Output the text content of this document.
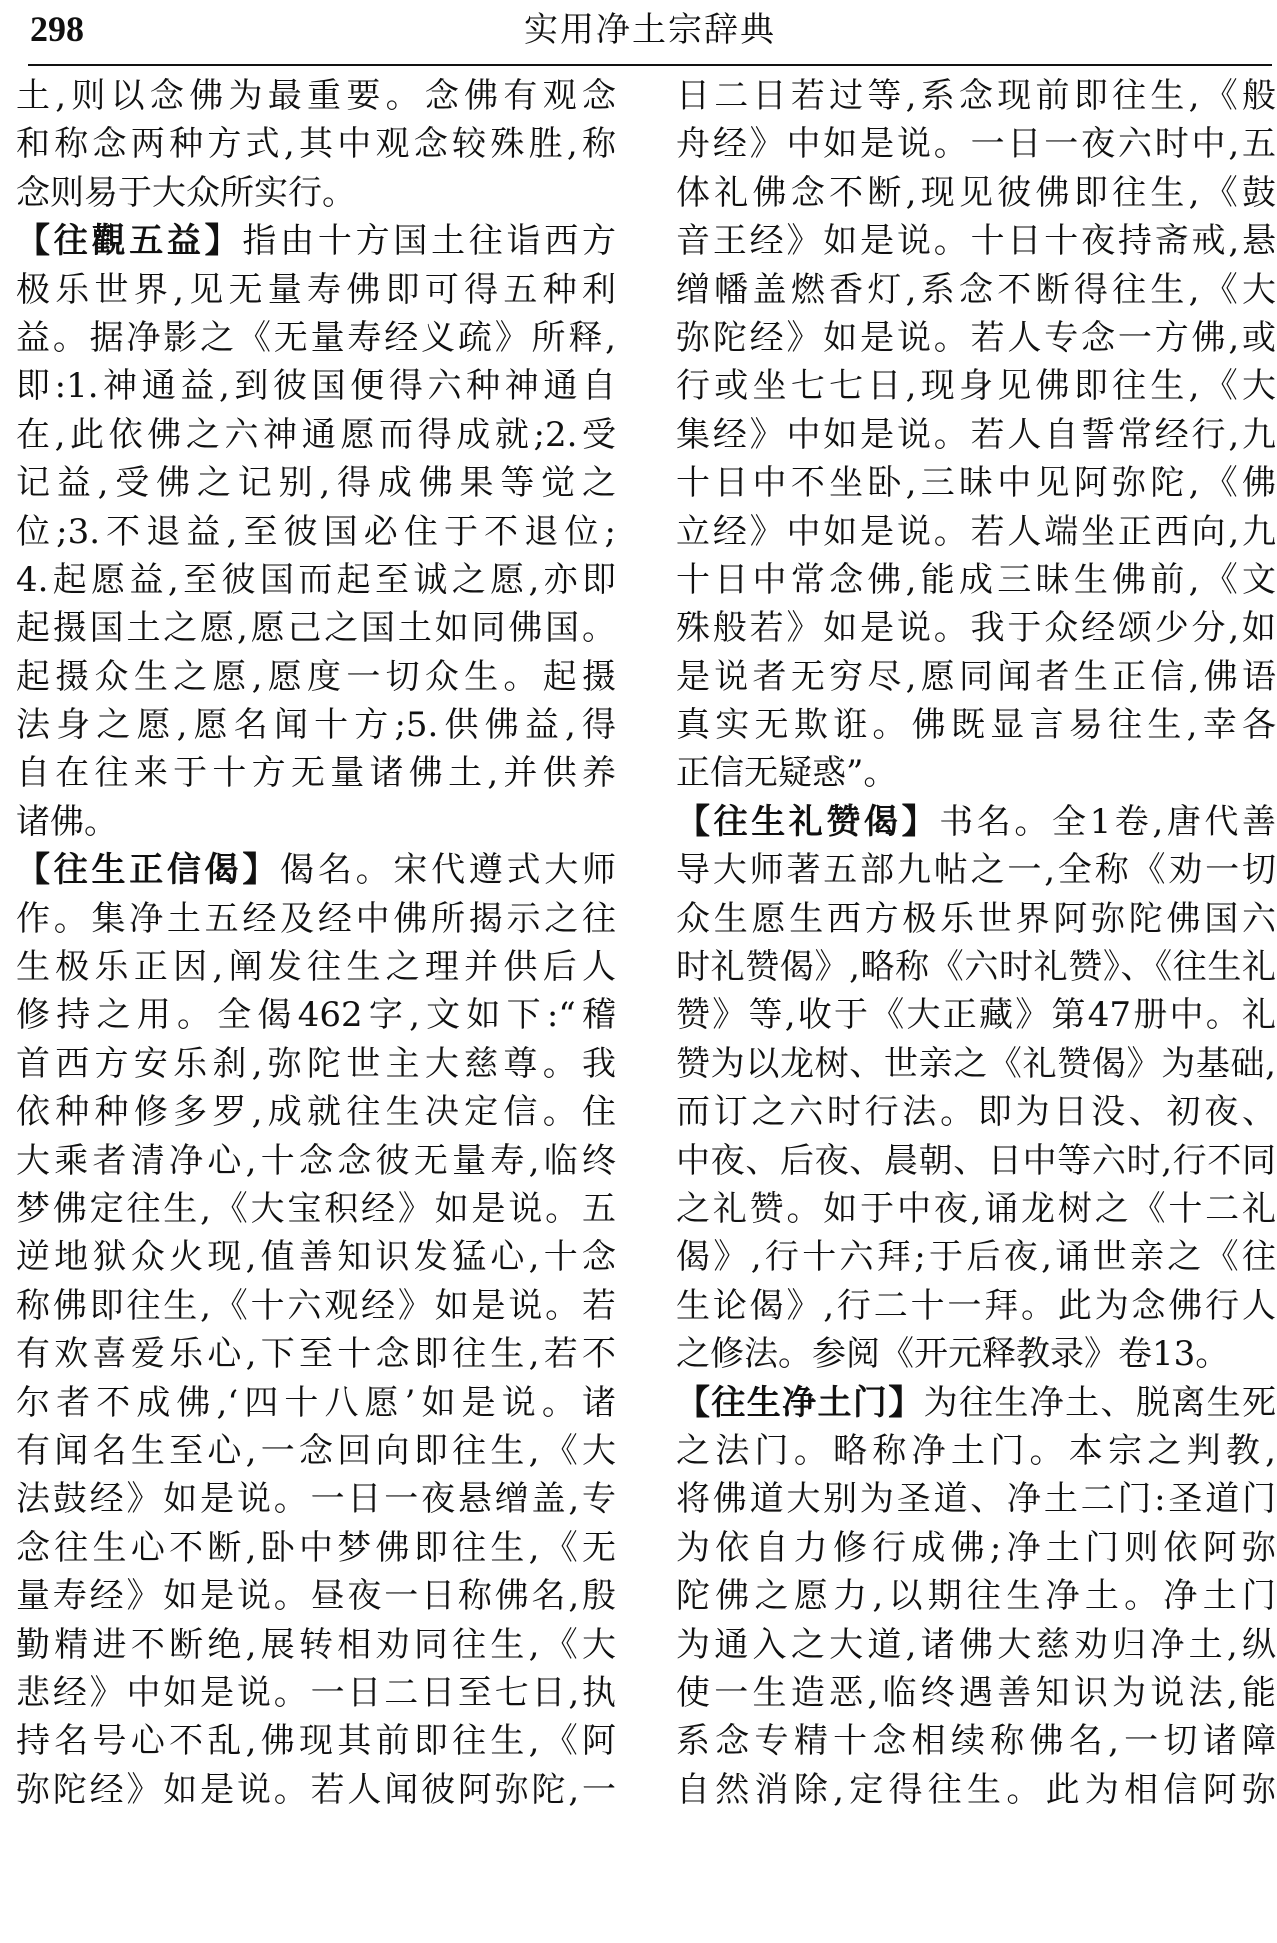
298	实用净土宗辞典
土,则以念佛为最重要。念佛有观念
和称念两种方式,其中观念较殊胜,称
念则易于大众所实行。
【往觀五益】指由十方国土往诣西方
极乐世界,见无量寿佛即可得五种利
益。据净影之《无量寿经义疏》所释,
即:1.神通益,到彼国便得六种神通自
在,此依佛之六神通愿而得成就;2.受
记益,受佛之记别,得成佛果等觉之
位;3.不退益,至彼国必住于不退位;
4.起愿益,至彼国而起至诚之愿,亦即
起摄国土之愿,愿己之国土如同佛国。
起摄众生之愿,愿度一切众生。起摄
法身之愿,愿名闻十方;5.供佛益,得
自在往来于十方无量诸佛土,并供养
诸佛。
【往生正信偈】偈名。宋代遵式大师
作。集净土五经及经中佛所揭示之往
生极乐正因,阐发往生之理并供后人
修持之用。全偈462字,文如下:“稽
首西方安乐刹,弥陀世主大慈尊。我
依种种修多罗,成就往生决定信。住
大乘者清净心,十念念彼无量寿,临终
梦佛定往生,《大宝积经》如是说。五
逆地狱众火现,值善知识发猛心,十念
称佛即往生,《十六观经》如是说。若
有欢喜爱乐心,下至十念即往生,若不
尔者不成佛,‘四十八愿’如是说。诸
有闻名生至心,一念回向即往生,《大
法鼓经》如是说。一日一夜悬缯盖,专
念往生心不断,卧中梦佛即往生,《无
量寿经》如是说。昼夜一日称佛名,殷
勤精进不断绝,展转相劝同往生,《大
悲经》中如是说。一日二日至七日,执
持名号心不乱,佛现其前即往生,《阿
弥陀经》如是说。若人闻彼阿弥陀,一
日二日若过等,系念现前即往生,《般
舟经》中如是说。一日一夜六时中,五
体礼佛念不断,现见彼佛即往生,《鼓
音王经》如是说。十日十夜持斋戒,悬
缯幡盖燃香灯,系念不断得往生,《大
弥陀经》如是说。若人专念一方佛,或
行或坐七七日,现身见佛即往生,《大
集经》中如是说。若人自誓常经行,九
十日中不坐卧,三昧中见阿弥陀,《佛
立经》中如是说。若人端坐正西向,九
十日中常念佛,能成三昧生佛前,《文
殊般若》如是说。我于众经颂少分,如
是说者无穷尽,愿同闻者生正信,佛语
真实无欺诳。佛既显言易往生,幸各
正信无疑惑”。
【往生礼赞偈】书名。全1卷,唐代善
导大师著五部九帖之一,全称《劝一切
众生愿生西方极乐世界阿弥陀佛国六
时礼赞偈》,略称《六时礼赞》、《往生礼
赞》等,收于《大正藏》第47册中。礼
赞为以龙树、世亲之《礼赞偈》为基础,
而订之六时行法。即为日没、初夜、
中夜、后夜、晨朝、日中等六时,行不同
之礼赞。如于中夜,诵龙树之《十二礼
偈》,行十六拜;于后夜,诵世亲之《往
生论偈》,行二十一拜。此为念佛行人
之修法。参阅《开元释教录》卷13。
【往生净土门】为往生净土、脱离生死
之法门。略称净土门。本宗之判教,
将佛道大别为圣道、净土二门:圣道门
为依自力修行成佛;净土门则依阿弥
陀佛之愿力,以期往生净土。净土门
为通入之大道,诸佛大慈劝归净土,纵
使一生造恶,临终遇善知识为说法,能
系念专精十念相续称佛名,一切诸障
自然消除,定得往生。此为相信阿弥
